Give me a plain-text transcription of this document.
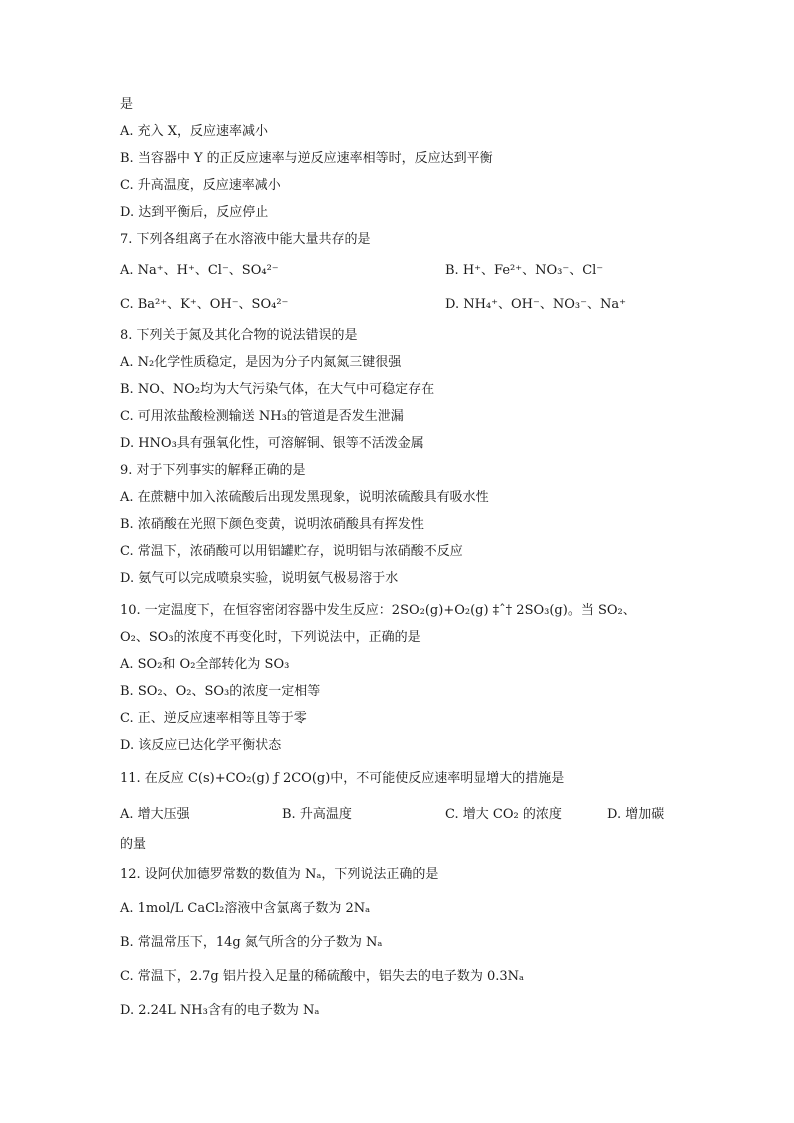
是
A. 充入 X，反应速率减小
B. 当容器中 Y 的正反应速率与逆反应速率相等时，反应达到平衡
C. 升高温度，反应速率减小
D. 达到平衡后，反应停止
7. 下列各组离子在水溶液中能大量共存的是
A. Na⁺、H⁺、Cl⁻、SO₄²⁻	B. H⁺、Fe²⁺、NO₃⁻、Cl⁻
C. Ba²⁺、K⁺、OH⁻、SO₄²⁻	D. NH₄⁺、OH⁻、NO₃⁻、Na⁺
8. 下列关于氮及其化合物的说法错误的是
A. N₂化学性质稳定，是因为分子内氮氮三键很强
B. NO、NO₂均为大气污染气体，在大气中可稳定存在
C. 可用浓盐酸检测输送 NH₃的管道是否发生泄漏
D. HNO₃具有强氧化性，可溶解铜、银等不活泼金属
9. 对于下列事实的解释正确的是
A. 在蔗糖中加入浓硫酸后出现发黑现象，说明浓硫酸具有吸水性
B. 浓硝酸在光照下颜色变黄，说明浓硝酸具有挥发性
C. 常温下，浓硝酸可以用铝罐贮存，说明铝与浓硝酸不反应
D. 氨气可以完成喷泉实验，说明氨气极易溶于水
10. 一定温度下，在恒容密闭容器中发生反应：2SO₂(g)+O₂(g) ‡ˆ† 2SO₃(g)。当 SO₂、
O₂、SO₃的浓度不再变化时，下列说法中，正确的是
A. SO₂和 O₂全部转化为 SO₃
B. SO₂、O₂、SO₃的浓度一定相等
C. 正、逆反应速率相等且等于零
D. 该反应已达化学平衡状态
11. 在反应 C(s)+CO₂(g) ƒ 2CO(g)中，不可能使反应速率明显增大的措施是
A. 增大压强	B. 升高温度	C. 增大 CO₂ 的浓度	D. 增加碳
的量
12. 设阿伏加德罗常数的数值为 Nₐ，下列说法正确的是
A. 1mol/L CaCl₂溶液中含氯离子数为 2Nₐ
B. 常温常压下，14g 氮气所含的分子数为 Nₐ
C. 常温下，2.7g 铝片投入足量的稀硫酸中，铝失去的电子数为 0.3Nₐ
D. 2.24L NH₃含有的电子数为 Nₐ
